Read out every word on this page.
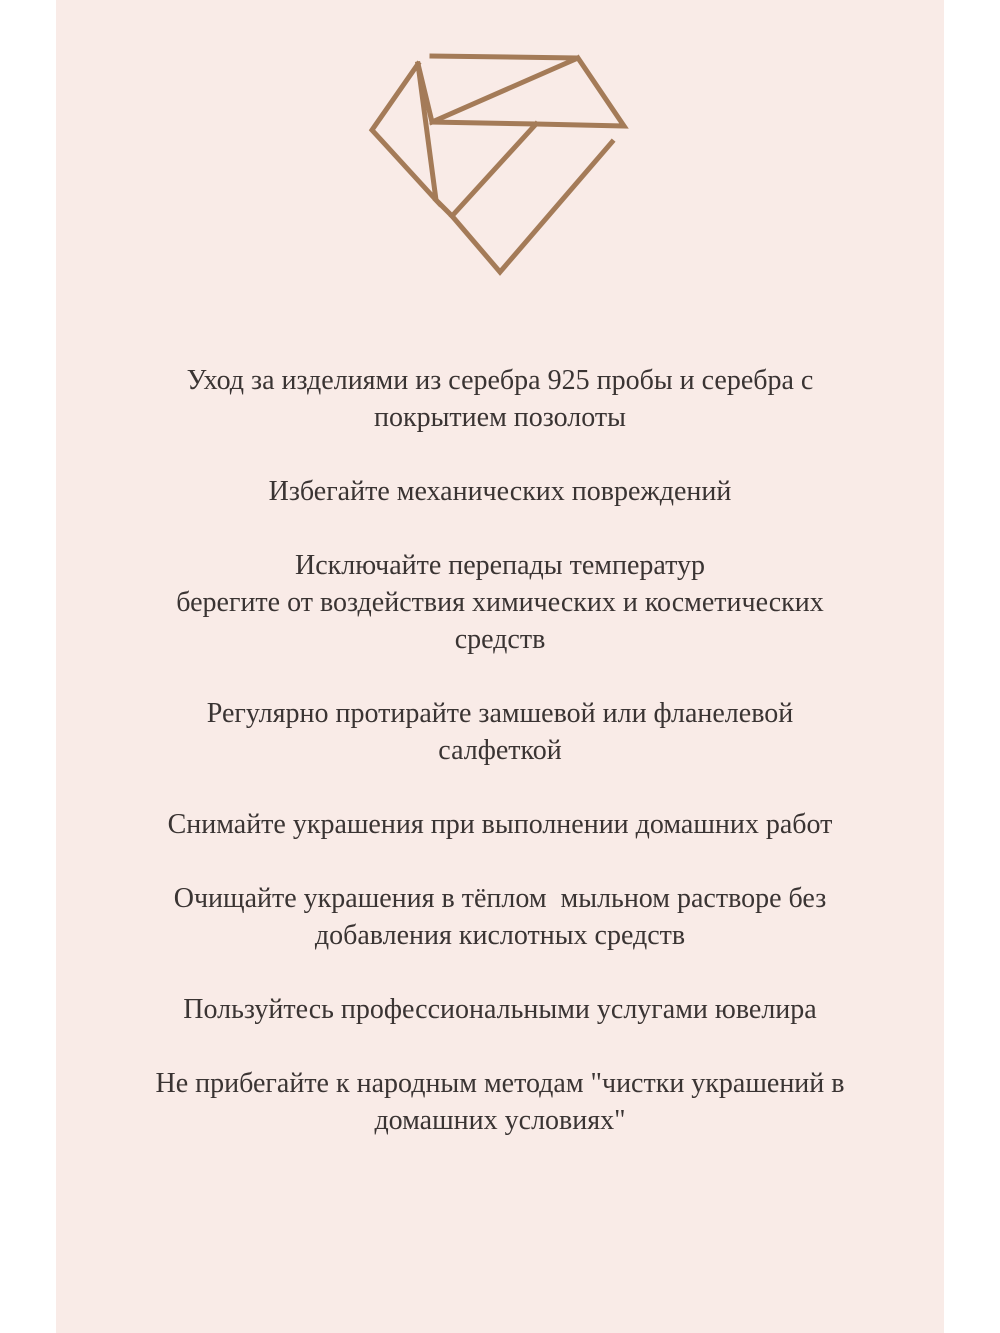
Уход за изделиями из серебра 925 пробы и серебра с
покрытием позолоты

Избегайте механических повреждений

Исключайте перепады температур
берегите от воздействия химических и косметических
средств

Регулярно протирайте замшевой или фланелевой
салфеткой

Снимайте украшения при выполнении домашних работ

Очищайте украшения в тёплом  мыльном растворе без
добавления кислотных средств

Пользуйтесь профессиональными услугами ювелира

Не прибегайте к народным методам "чистки украшений в
домашних условиях"
